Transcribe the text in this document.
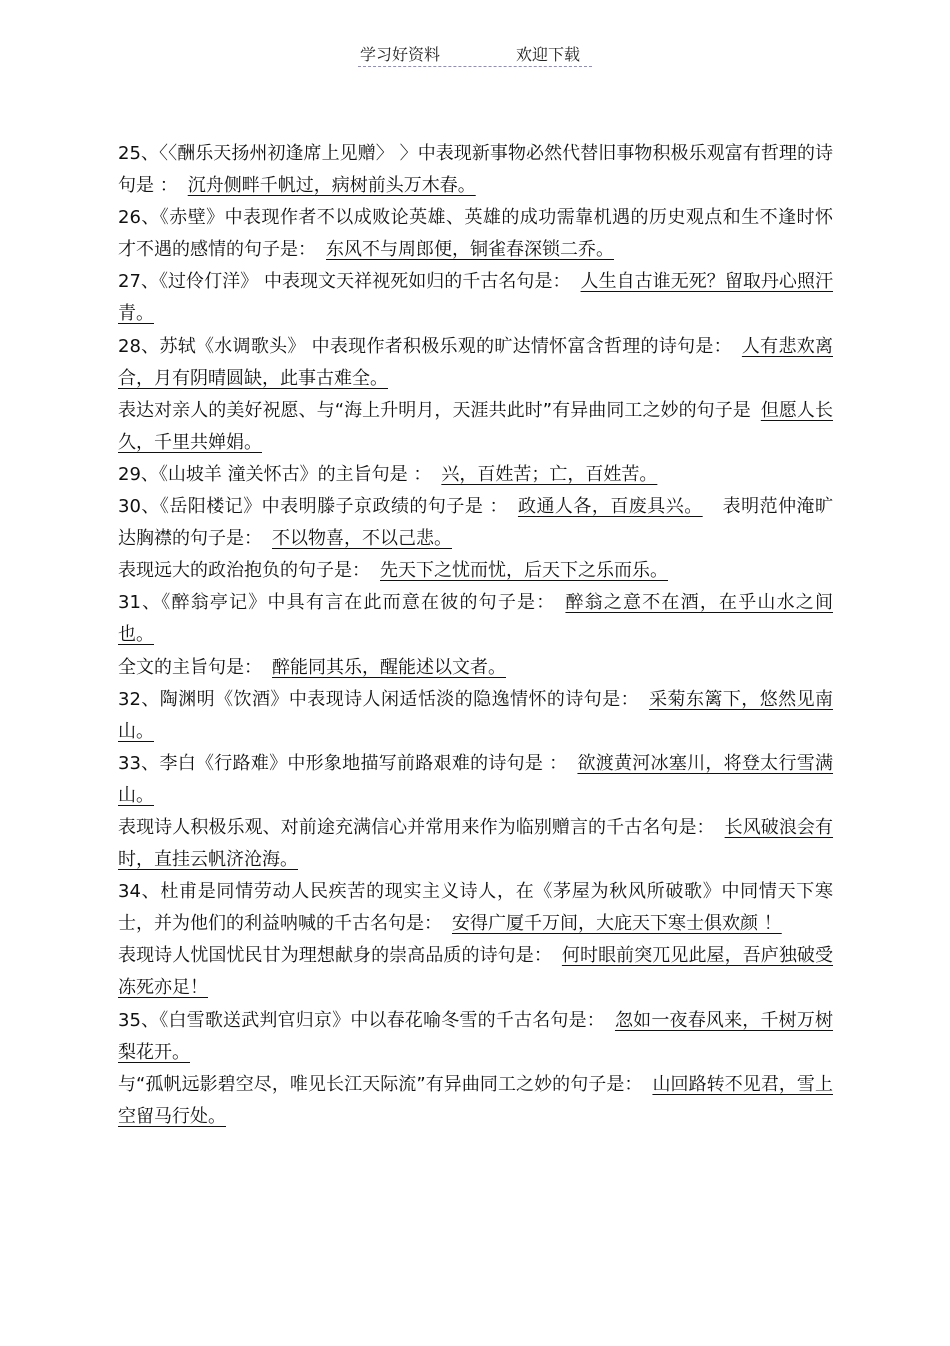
学习好资料	欢迎下载

25、〈〈酬乐天扬州初逢席上见赠〉 〉中表现新事物必然代替旧事物积极乐观富有哲理的诗句是 ： 沉舟侧畔千帆过，病树前头万木春。

26、《赤壁》中表现作者不以成败论英雄、英雄的成功需靠机遇的历史观点和生不逢时怀才不遇的感情的句子是： 东风不与周郎便，铜雀春深锁二乔。

27、《过伶仃洋》 中表现文天祥视死如归的千古名句是： 人生自古谁无死？留取丹心照汗青。

28、苏轼《水调歌头》 中表现作者积极乐观的旷达情怀富含哲理的诗句是： 人有悲欢离合，月有阴晴圆缺，此事古难全。

表达对亲人的美好祝愿、与“海上升明月，天涯共此时”有异曲同工之妙的句子是 但愿人长久，千里共婵娟。

29、《山坡羊 潼关怀古》的主旨句是 ： 兴，百姓苦；亡，百姓苦。

30、《岳阳楼记》中表明滕子京政绩的句子是 ： 政通人各，百废具兴。 表明范仲淹旷达胸襟的句子是： 不以物喜，不以己悲。

表现远大的政治抱负的句子是： 先天下之忧而忧，后天下之乐而乐。

31、《醉翁亭记》中具有言在此而意在彼的句子是： 醉翁之意不在酒，在乎山水之间也。

全文的主旨句是： 醉能同其乐，醒能述以文者。

32、陶渊明《饮酒》中表现诗人闲适恬淡的隐逸情怀的诗句是： 采菊东篱下，悠然见南山。

33、李白《行路难》中形象地描写前路艰难的诗句是 ： 欲渡黄河冰塞川，将登太行雪满山。

表现诗人积极乐观、对前途充满信心并常用来作为临别赠言的千古名句是： 长风破浪会有时，直挂云帆济沧海。

34、杜甫是同情劳动人民疾苦的现实主义诗人，在《茅屋为秋风所破歌》中同情天下寒士，并为他们的利益呐喊的千古名句是： 安得广厦千万间，大庇天下寒士俱欢颜 ！

表现诗人忧国忧民甘为理想献身的崇高品质的诗句是： 何时眼前突兀见此屋，吾庐独破受冻死亦足！

35、《白雪歌送武判官归京》中以春花喻冬雪的千古名句是： 忽如一夜春风来，千树万树梨花开。

与“孤帆远影碧空尽，唯见长江天际流”有异曲同工之妙的句子是： 山回路转不见君，雪上空留马行处。
